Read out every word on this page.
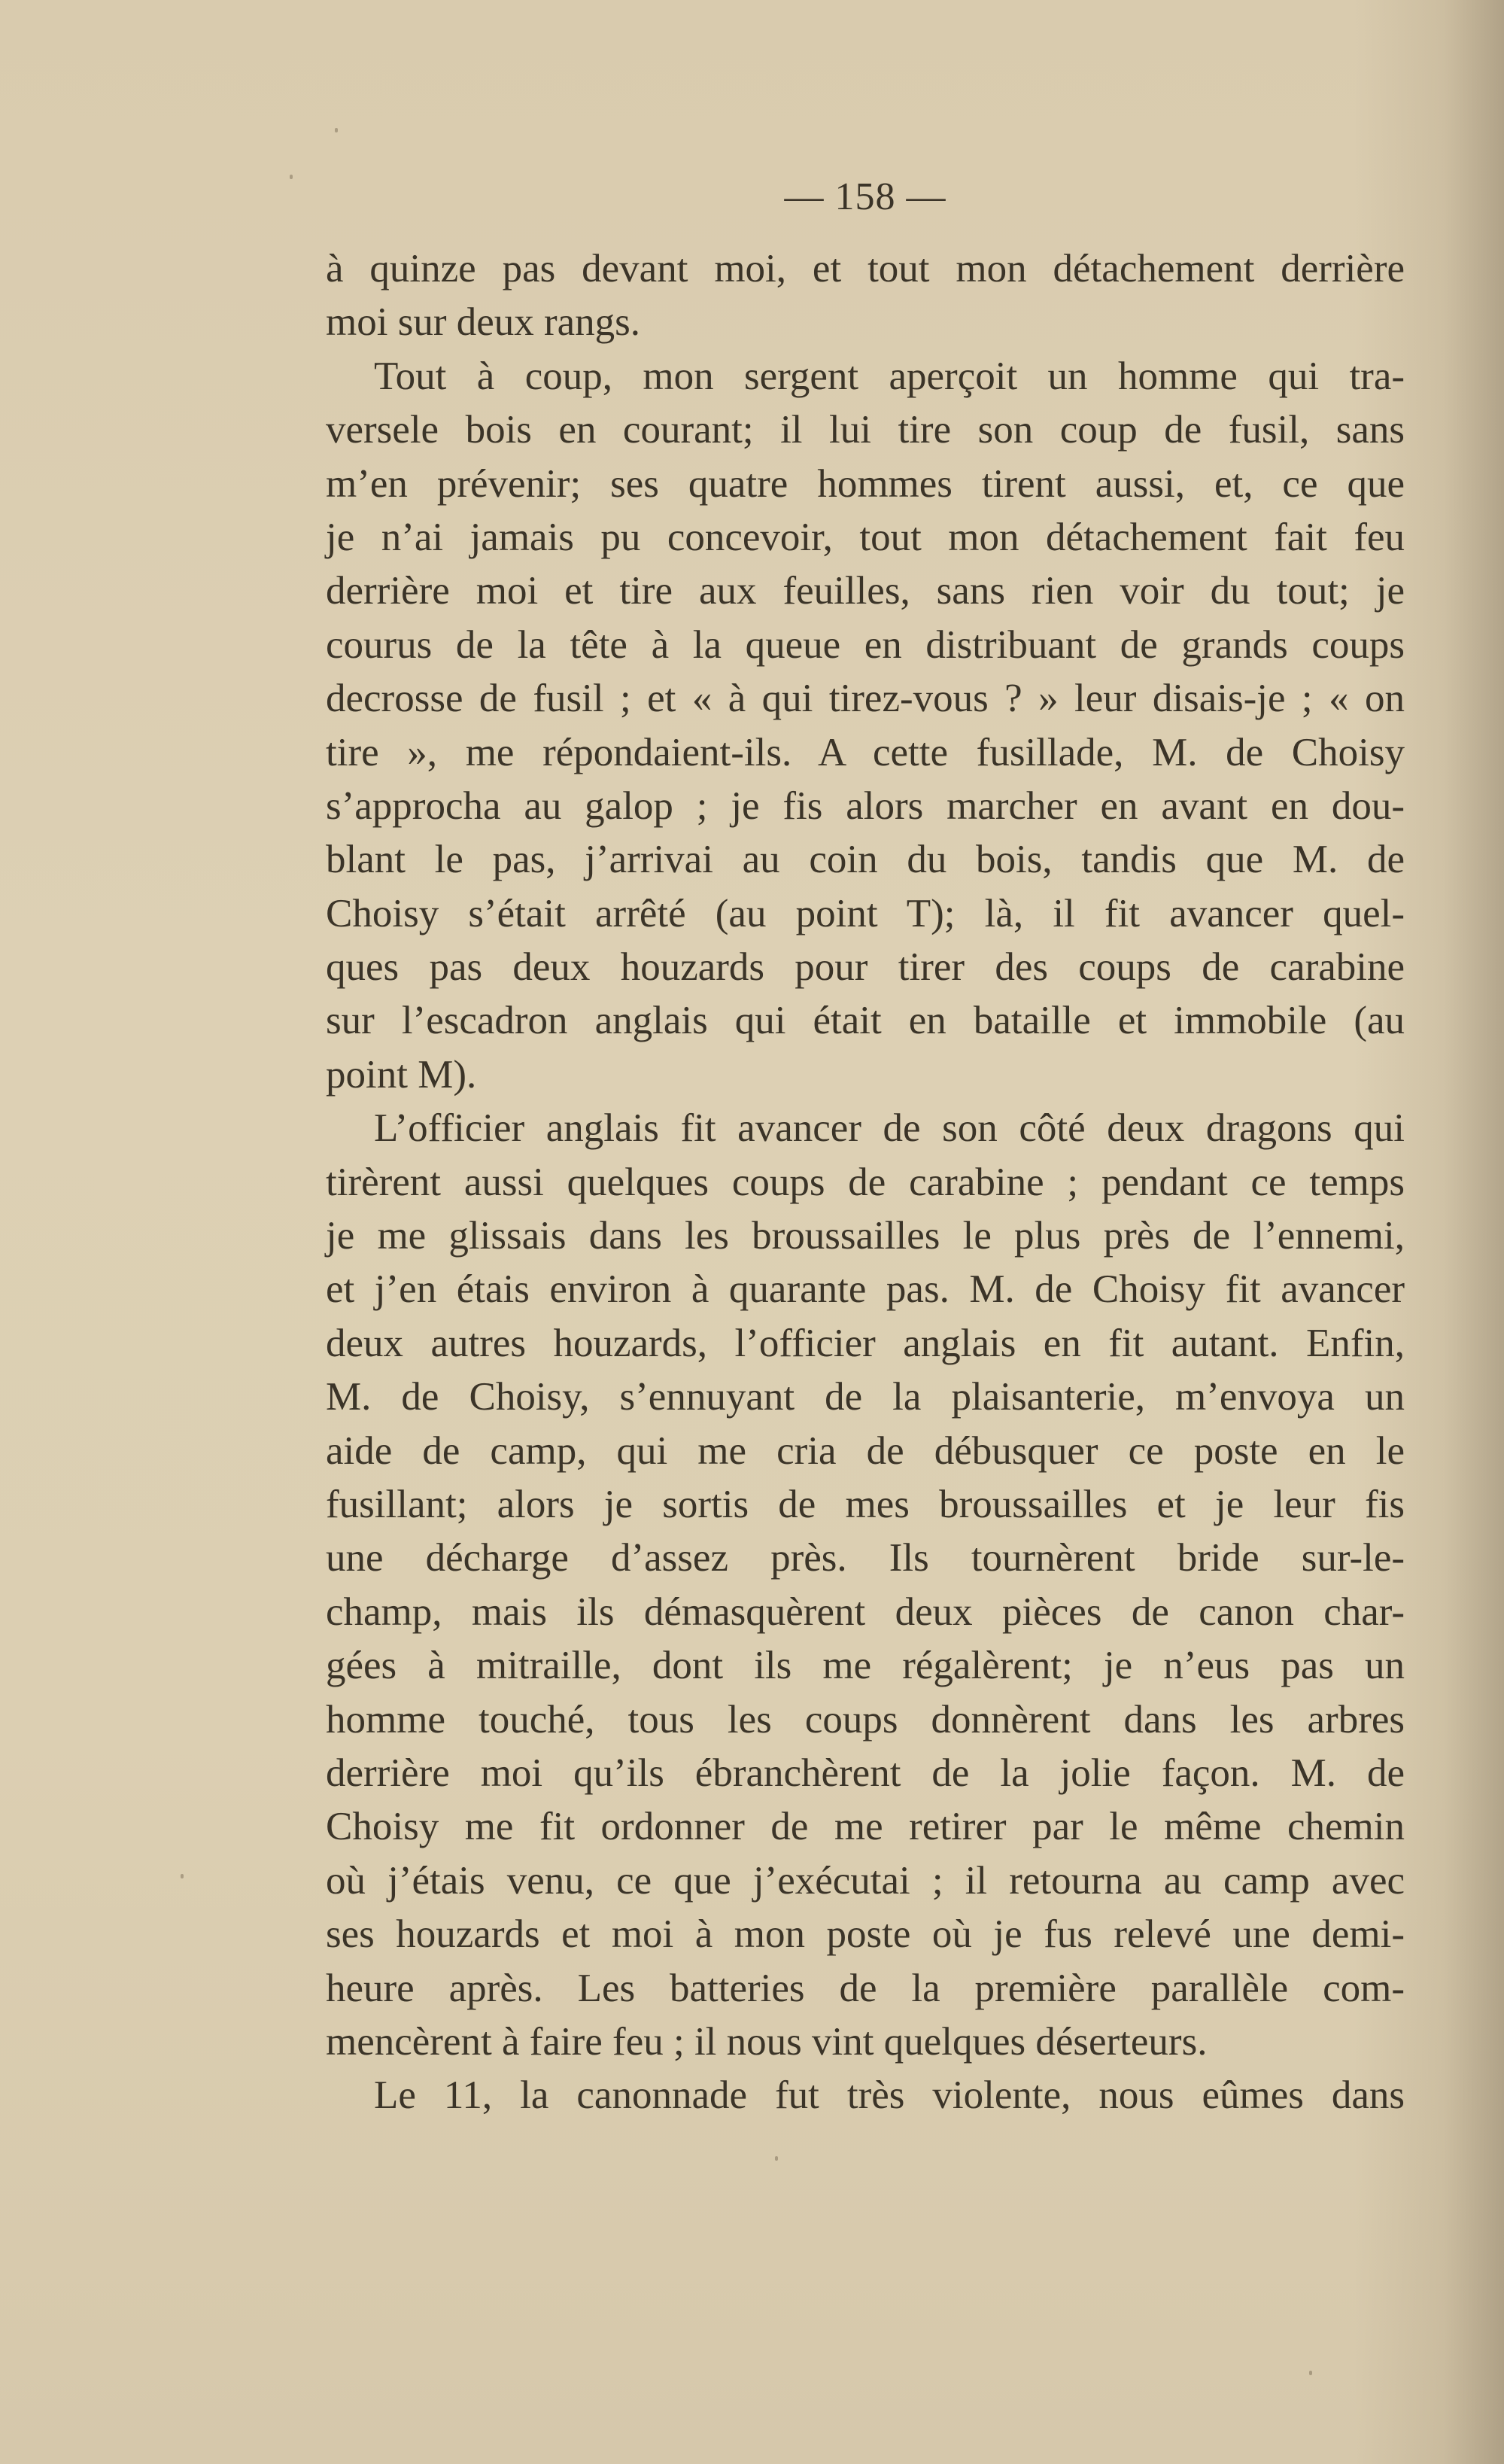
— 158 —
à quinze pas devant moi, et tout mon détachement derrière
moi sur deux rangs.
Tout à coup, mon sergent aperçoit un homme qui tra-
versele bois en courant; il lui tire son coup de fusil, sans
m’en prévenir; ses quatre hommes tirent aussi, et, ce que
je n’ai jamais pu concevoir, tout mon détachement fait feu
derrière moi et tire aux feuilles, sans rien voir du tout; je
courus de la tête à la queue en distribuant de grands coups
decrosse de fusil ; et « à qui tirez-vous ? » leur disais-je ; « on
tire », me répondaient-ils. A cette fusillade, M. de Choisy
s’approcha au galop ; je fis alors marcher en avant en dou-
blant le pas, j’arrivai au coin du bois, tandis que M. de
Choisy s’était arrêté (au point T); là, il fit avancer quel-
ques pas deux houzards pour tirer des coups de carabine
sur l’escadron anglais qui était en bataille et immobile (au
point M).
L’officier anglais fit avancer de son côté deux dragons qui
tirèrent aussi quelques coups de carabine ; pendant ce temps
je me glissais dans les broussailles le plus près de l’ennemi,
et j’en étais environ à quarante pas. M. de Choisy fit avancer
deux autres houzards, l’officier anglais en fit autant. Enfin,
M. de Choisy, s’ennuyant de la plaisanterie, m’envoya un
aide de camp, qui me cria de débusquer ce poste en le
fusillant; alors je sortis de mes broussailles et je leur fis
une décharge d’assez près. Ils tournèrent bride sur-le-
champ, mais ils démasquèrent deux pièces de canon char-
gées à mitraille, dont ils me régalèrent; je n’eus pas un
homme touché, tous les coups donnèrent dans les arbres
derrière moi qu’ils ébranchèrent de la jolie façon. M. de
Choisy me fit ordonner de me retirer par le même chemin
où j’étais venu, ce que j’exécutai ; il retourna au camp avec
ses houzards et moi à mon poste où je fus relevé une demi-
heure après. Les batteries de la première parallèle com-
mencèrent à faire feu ; il nous vint quelques déserteurs.
Le 11, la canonnade fut très violente, nous eûmes dans
